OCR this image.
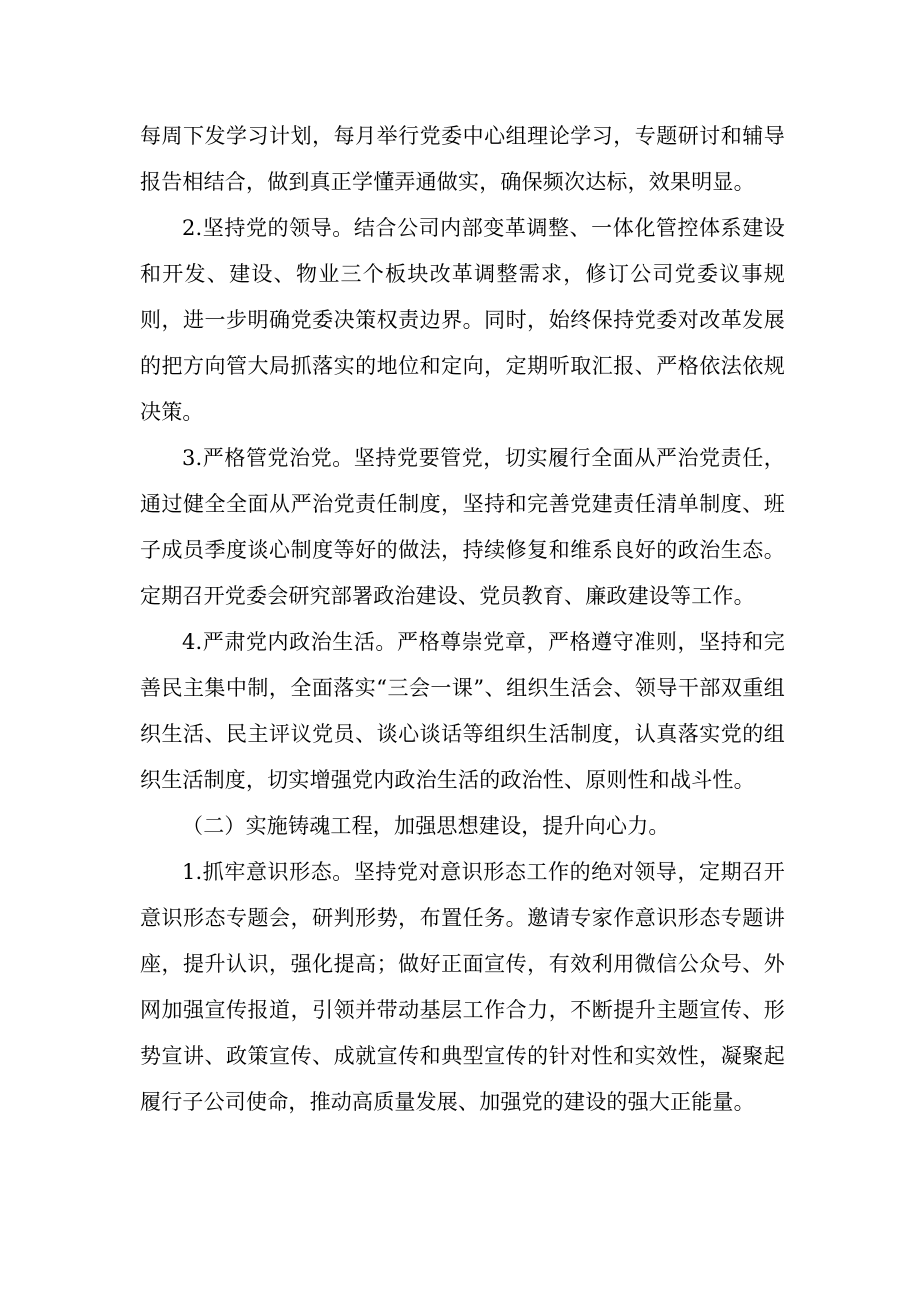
每周下发学习计划，每月举行党委中心组理论学习，专题研讨和辅导报告相结合，做到真正学懂弄通做实，确保频次达标，效果明显。

2.坚持党的领导。结合公司内部变革调整、一体化管控体系建设和开发、建设、物业三个板块改革调整需求，修订公司党委议事规则，进一步明确党委决策权责边界。同时，始终保持党委对改革发展的把方向管大局抓落实的地位和定向，定期听取汇报、严格依法依规决策。

3.严格管党治党。坚持党要管党，切实履行全面从严治党责任，通过健全全面从严治党责任制度，坚持和完善党建责任清单制度、班子成员季度谈心制度等好的做法，持续修复和维系良好的政治生态。定期召开党委会研究部署政治建设、党员教育、廉政建设等工作。

4.严肃党内政治生活。严格尊崇党章，严格遵守准则，坚持和完善民主集中制，全面落实“三会一课”、组织生活会、领导干部双重组织生活、民主评议党员、谈心谈话等组织生活制度，认真落实党的组织生活制度，切实增强党内政治生活的政治性、原则性和战斗性。

（二）实施铸魂工程，加强思想建设，提升向心力。

1.抓牢意识形态。坚持党对意识形态工作的绝对领导，定期召开意识形态专题会，研判形势，布置任务。邀请专家作意识形态专题讲座，提升认识，强化提高；做好正面宣传，有效利用微信公众号、外网加强宣传报道，引领并带动基层工作合力，不断提升主题宣传、形势宣讲、政策宣传、成就宣传和典型宣传的针对性和实效性，凝聚起履行子公司使命，推动高质量发展、加强党的建设的强大正能量。
